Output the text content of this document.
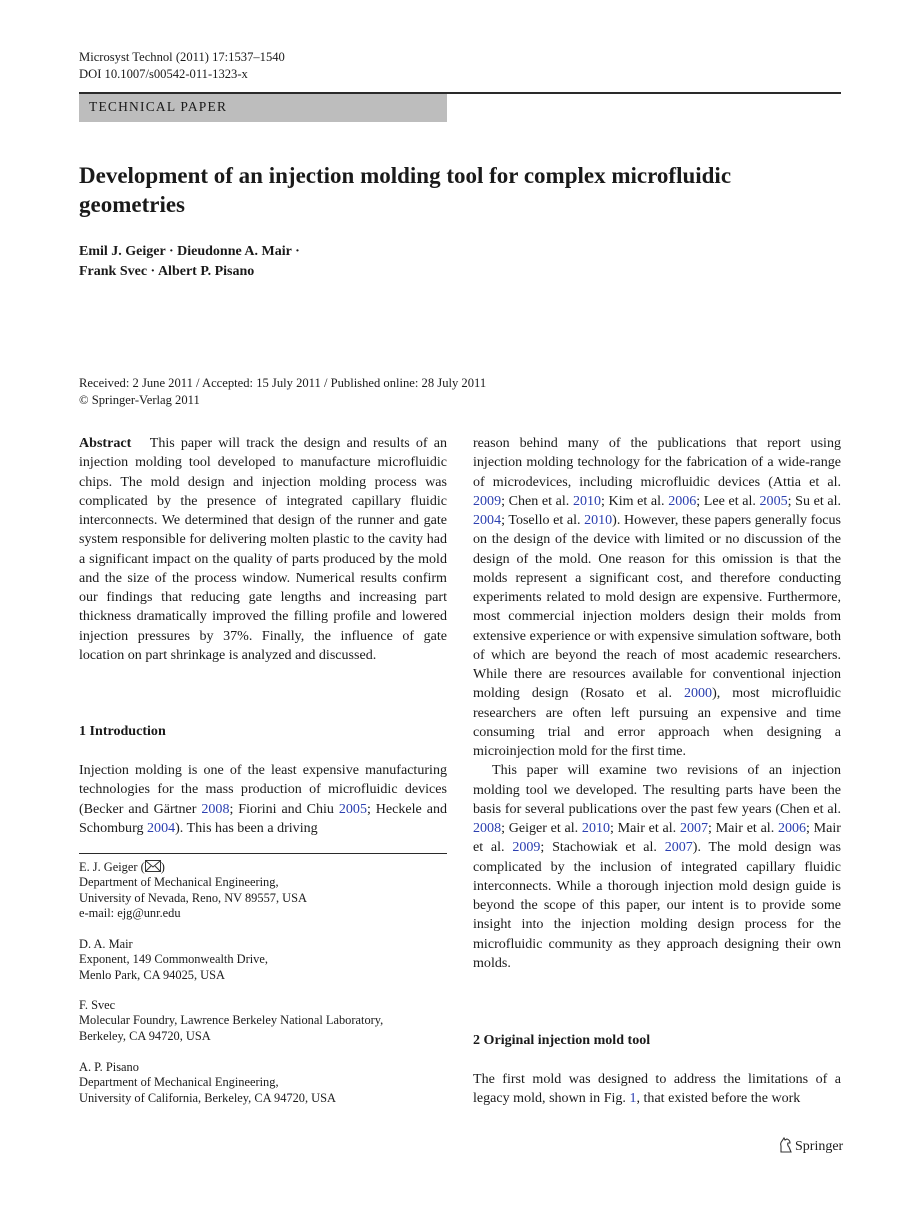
Microsyst Technol (2011) 17:1537–1540
DOI 10.1007/s00542-011-1323-x
TECHNICAL PAPER
Development of an injection molding tool for complex microfluidic
geometries
Emil J. Geiger · Dieudonne A. Mair ·
Frank Svec · Albert P. Pisano
Received: 2 June 2011 / Accepted: 15 July 2011 / Published online: 28 July 2011
© Springer-Verlag 2011

Abstract This paper will track the design and results of an injection molding tool developed to manufacture microfluidic chips. The mold design and injection molding process was complicated by the presence of integrated capillary fluidic interconnects. We determined that design of the runner and gate system responsible for delivering molten plastic to the cavity had a significant impact on the quality of parts produced by the mold and the size of the process window. Numerical results confirm our findings that reducing gate lengths and increasing part thickness dramatically improved the filling profile and lowered injection pressures by 37%. Finally, the influence of gate location on part shrinkage is analyzed and discussed.

1 Introduction

Injection molding is one of the least expensive manufacturing technologies for the mass production of microfluidic devices (Becker and Gärtner 2008; Fiorini and Chiu 2005; Heckele and Schomburg 2004). This has been a driving

E. J. Geiger ( )
Department of Mechanical Engineering,
University of Nevada, Reno, NV 89557, USA
e-mail: ejg@unr.edu
D. A. Mair
Exponent, 149 Commonwealth Drive,
Menlo Park, CA 94025, USA
F. Svec
Molecular Foundry, Lawrence Berkeley National Laboratory,
Berkeley, CA 94720, USA
A. P. Pisano
Department of Mechanical Engineering,
University of California, Berkeley, CA 94720, USA

reason behind many of the publications that report using injection molding technology for the fabrication of a wide-range of microdevices, including microfluidic devices (Attia et al. 2009; Chen et al. 2010; Kim et al. 2006; Lee et al. 2005; Su et al. 2004; Tosello et al. 2010). However, these papers generally focus on the design of the device with limited or no discussion of the design of the mold. One reason for this omission is that the molds represent a significant cost, and therefore conducting experiments related to mold design are expensive. Furthermore, most commercial injection molders design their molds from extensive experience or with expensive simulation software, both of which are beyond the reach of most academic researchers. While there are resources available for conventional injection molding design (Rosato et al. 2000), most microfluidic researchers are often left pursuing an expensive and time consuming trial and error approach when designing a microinjection mold for the first time.

This paper will examine two revisions of an injection molding tool we developed. The resulting parts have been the basis for several publications over the past few years (Chen et al. 2008; Geiger et al. 2010; Mair et al. 2007; Mair et al. 2006; Mair et al. 2009; Stachowiak et al. 2007). The mold design was complicated by the inclusion of integrated capillary fluidic interconnects. While a thorough injection mold design guide is beyond the scope of this paper, our intent is to provide some insight into the injection molding design process for the microfluidic community as they approach designing their own molds.

2 Original injection mold tool

The first mold was designed to address the limitations of a legacy mold, shown in Fig. 1, that existed before the work

Springer
